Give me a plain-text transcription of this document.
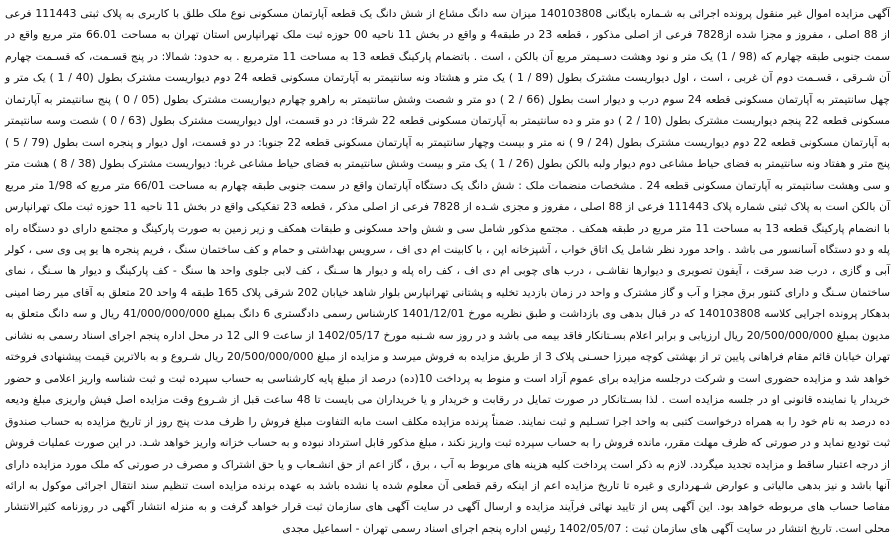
آگهی مزایده اموال غیر منقول پرونده اجرائی به شـماره بایگانی 140103808 میزان سه دانگ مشاع از شش دانگ یک قطعه آپارتمان مسکونی نوع ملک طلق با کاربری به پلاک ثبتی 111443 فرعی از 88 اصلی ، مفروز و مجزا شده از7828 فرعی از اصلی مذکور ، قطعه 23 در طبقه4 و واقع در بخش 11 ناحیه 00 حوزه ثبت ملک تهرانپارس استان تهران به مساحت 66.01 متر مربع واقع در سمت جنوبی طبقه چهارم که (98 / 1) یک متر و نود وهشت دسـیمتر مربع آن بالکن ، است . باتضمام پارکینگ قطعه 13 به مساحت 11 مترمربع . به حدود: شمالا: در پنج قسـمت، که قسـمت چهارم آن شـرقی ، قسـمت دوم آن غربی ، است ، اول دیواریست مشترک بطول (89 / 1 ) یک متر و هشتاد ونه سانتیمتر به آپارتمان مسکونی قطعه 24 دوم دیواریست مشترک بطول (40 / 1 ) یک متر و چهل سانتیمتر به آپارتمان مسکونی قطعه 24 سوم درب و دیوار است بطول (66 / 2 ) دو متر و شصت وشش سانتیمتر به راهرو چهارم دیواریست مشترک بطول (05 / 0 ) پنج سانتیمتر به آپارتمان مسکونی قطعه 22 پنجم دیواریست مشترک بطول (10 / 2 ) دو متر و ده سانتیمتر به آپارتمان مسکونی قطعه 22 شرقا: در دو قسمت، اول دیواریست مشترک بطول (63 / 0 ) شصت وسه سانتیمتر به آپارتمان مسکونی قطعه 22 دوم دیواریست مشترک بطول (24 / 9 ) نه متر و بیست وچهار سانتیمتر به آپارتمان مسکونی قطعه 22 جنوبا: در دو قسمت، اول دیوار و پنجره است بطول (79 / 5 ) پنج متر و هفتاد ونه سانتیمتر به فضای حیاط مشاعی دوم دیوار ولبه بالکن بطول (26 / 1 ) یک متر و بیست وشش سانتیمتر به فضای حیاط مشاعی غربا: دیواریست مشترک بطول (38 / 8 ) هشت متر و سی وهشت سانتیمتر به آپارتمان مسکونی قطعه 24 . مشخصات منضمات ملک : شش دانگ یک دستگاه آپارتمان واقع در سمت جنوبی طبقه چهارم به مساحت 66/01 متر مربع که 1/98 متر مربع آن بالکن است به پلاک ثبتی شماره پلاک 111443 فرعی از 88 اصلی ، مفروز و مجزی شـده از 7828 فرعی از اصلی مذکر ، قطعه 23 تفکیکی واقع در بخش 11 ناحیه 11 حوزه ثبت ملک تهرانپارس با انضمام پارکینگ قطعه 13 به مساحت 11 متر مربع در طبقه همکف . مجتمع مذکور شامل سی و شش واحد مسکونی و طبقات همکف و زیر زمین به صورت پارکینگ و مجتمع دارای دو دستگاه راه پله و دو دستگاه آسانسور می باشد . واحد مورد نظر شامل یک اتاق خواب ، آشپزخانه اپن ، با کابینت ام دی اف ، سرویس بهداشتی و حمام و کف ساختمان سنگ ، فریم پنجره ها یو پی وی سی ، کولر آبی و گازی ، درب ضد سرقت ، آیفون تصویری و دیوارها نقاشـی ، درب های چوبی ام دی اف ، کف راه پله و دیوار ها سـنگ ، کف لابی جلوی واحد ها سنگ - کف پارکینگ و دیوار ها سـنگ ، نمای ساختمان سـنگ و دارای کنتور برق مجزا و آب و گاز مشترک و واحد در زمان بازدید تخلیه و پشتانی تهرانپارس بلوار شاهد خیابان 202 شرقی پلاک 165 طبقه 4 واحد 20 متعلق به آقای میر رضا امینی بدهکار پرونده اجرایی کلاسه 140103808 که در قبال بدهی وی بازداشت و طبق نظریه مورخ 1401/12/01 کارشناس رسمی دادگستری 6 دانگ بمبلغ 41/000/000/000 ریال و سه دانگ متعلق به مدیون بمبلغ 20/500/000/000 ریال ارزیابی و برابر اعلام بسـتانکار فاقد بیمه می باشد و در روز سه شـنبه مورخ 1402/05/17 از ساعت 9 الی 12 در محل اداره پنجم اجرای اسناد رسمی به نشانی تهران خیابان قائم مقام فراهانی پایین تر از بهشتی کوچه میرزا حسـنی پلاک 3 از طریق مزایده به فروش میرسد و مزایده از مبلغ 20/500/000/000 ریال شـروع و به بالاترین قیمت پیشنهادی فروخته خواهد شد و مزایده حضوری است و شرکت درجلسه مزایده برای عموم آزاد است و منوط به پرداخت 10(ده) درصد از مبلغ پایه کارشناسی به حساب سپرده ثبت و ثبت شناسه واریز اعلامی و حضور خریدار یا نماینده قانونی او در جلسه مزایده است . لذا بسـتانکار در صورت تمایل در رقابت و خریدار و یا خریداران می بایست تا 48 ساعت قبل از شـروع وقت مزایده اصل فیش واریزی مبلغ ودیعه ده درصد به نام خود را به همراه درخواست کتبی به واحد اجرا تسـلیم و ثبت نمایند. ضمناً پرنده مزایده مکلف است مابه التفاوت مبلغ فروش را ظرف مدت پنج روز از تاریخ مزایده به حساب صندوق ثبت تودیع نماید و در صورتی که ظرف مهلت مقرر، مانده فروش را به حساب سپرده ثبت واریز نکند ، مبلغ مذکور قابل استرداد نبوده و به حساب خزانه واریز خواهد شـد. در این صورت عملیات فروش از درجه اعتبار ساقط و مزایده تجدید میگردد. لازم به ذکر است پرداخت کلیه هزینه های مربوط به آب ، برق ، گاز اعم از حق انشـعاب و یا حق اشتراک و مصرف در صورتی که ملک مورد مزایده دارای آنها باشد و نیز بدهی مالیاتی و عوارض شـهرداری و غیره تا تاریخ مزایده اعم از اینکه رقم قطعی آن معلوم شده یا نشده باشد به عهده برنده مزایده است تنظیم سند انتقال اجرائی موکول به ارائه مفاصا حساب های مربوطه خواهد بود. این آگهی پس از تایید نهائی فرآیند مزایده و ارسال آگهی در سایت آگهی های سازمان ثبت قرار خواهد گرفت و به منزله انتشار آگهی در روزنامه کثیرالانتشار محلی است. تاریخ انتشار در سایت آگهی های سازمان ثبت : 1402/05/07 رئیس اداره پنجم اجرای اسناد رسمی تهران - اسماعیل مجدی
